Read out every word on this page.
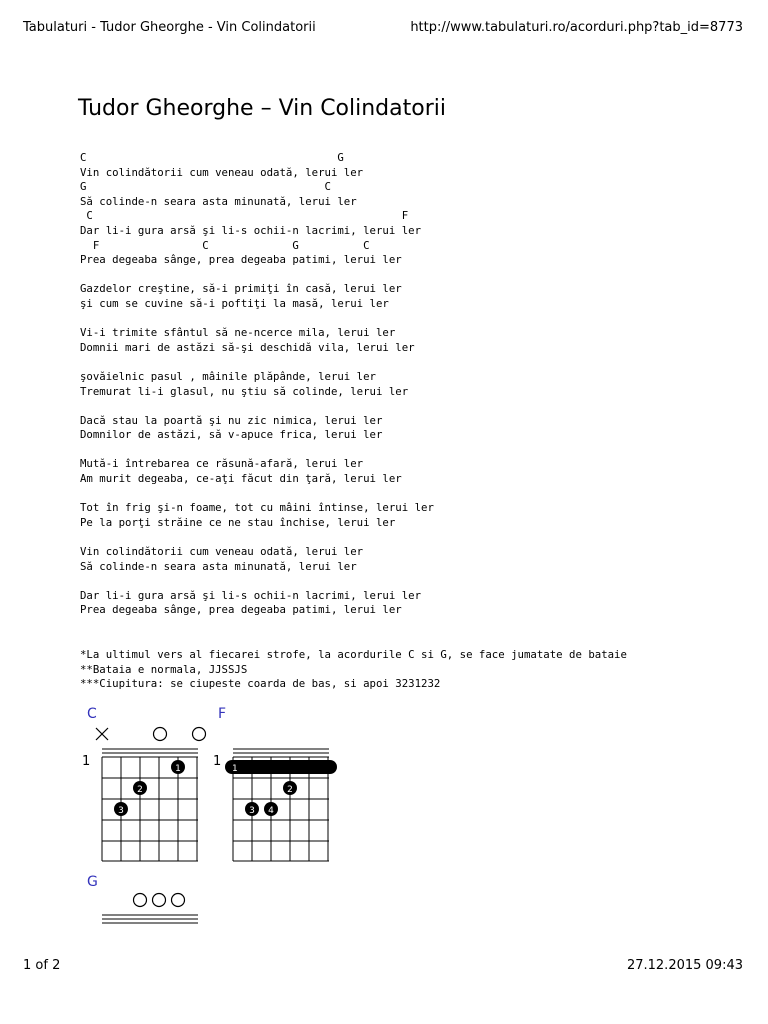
Tabulaturi - Tudor Gheorghe - Vin Colindatorii	http://www.tabulaturi.ro/acorduri.php?tab_id=8773
Tudor Gheorghe – Vin Colindatorii
C                                       G
Vin colindătorii cum veneau odată, lerui ler
G                                     C
Să colinde-n seara asta minunată, lerui ler
C                                                F
Dar li-i gura arsă şi li-s ochii-n lacrimi, lerui ler
F                C             G          C
Prea degeaba sânge, prea degeaba patimi, lerui ler

Gazdelor creştine, să-i primiţi în casă, lerui ler
şi cum se cuvine să-i poftiţi la masă, lerui ler

Vi-i trimite sfântul să ne-ncerce mila, lerui ler
Domnii mari de astăzi să-şi deschidă vila, lerui ler

şovăielnic pasul , mâinile plăpânde, lerui ler
Tremurat li-i glasul, nu ştiu să colinde, lerui ler

Dacă stau la poartă şi nu zic nimica, lerui ler
Domnilor de astăzi, să v-apuce frica, lerui ler

Mută-i întrebarea ce răsună-afară, lerui ler
Am murit degeaba, ce-aţi făcut din ţară, lerui ler

Tot în frig şi-n foame, tot cu mâini întinse, lerui ler
Pe la porţi străine ce ne stau închise, lerui ler

Vin colindătorii cum veneau odată, lerui ler
Să colinde-n seara asta minunată, lerui ler

Dar li-i gura arsă şi li-s ochii-n lacrimi, lerui ler
Prea degeaba sânge, prea degeaba patimi, lerui ler
*La ultimul vers al fiecarei strofe, la acordurile C si G, se face jumatate de bataie
**Bataia e normala, JJSSJS
***Ciupitura: se ciupeste coarda de bas, si apoi 3231232
C
1	1
2
3
F
1 1
2
3 4
G
1 of 2	27.12.2015 09:43
